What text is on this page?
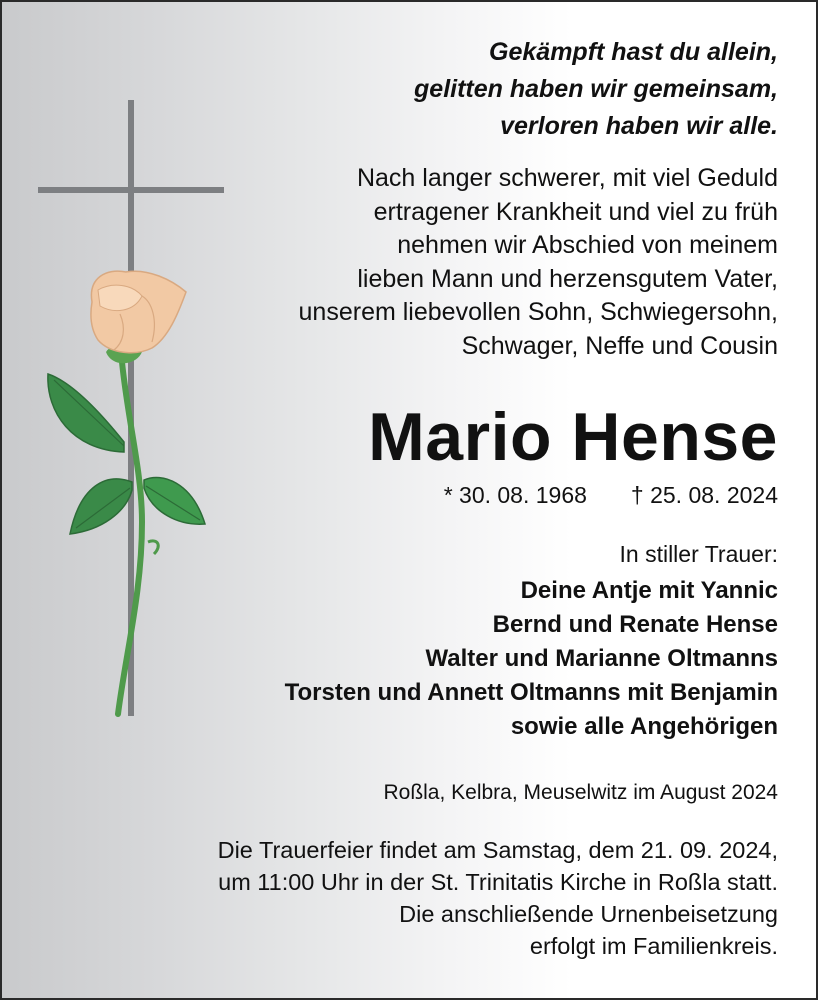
Gekämpft hast du allein,
gelitten haben wir gemeinsam,
verloren haben wir alle.
Nach langer schwerer, mit viel Geduld
ertragener Krankheit und viel zu früh
nehmen wir Abschied von meinem
lieben Mann und herzensgutem Vater,
unserem liebevollen Sohn, Schwiegersohn,
Schwager, Neffe und Cousin
Mario Hense
* 30. 08. 1968 † 25. 08. 2024
In stiller Trauer:
Deine Antje mit Yannic
Bernd und Renate Hense
Walter und Marianne Oltmanns
Torsten und Annett Oltmanns mit Benjamin
sowie alle Angehörigen
Roßla, Kelbra, Meuselwitz im August 2024
Die Trauerfeier findet am Samstag, dem 21. 09. 2024,
um 11:00 Uhr in der St. Trinitatis Kirche in Roßla statt.
Die anschließende Urnenbeisetzung
erfolgt im Familienkreis.
